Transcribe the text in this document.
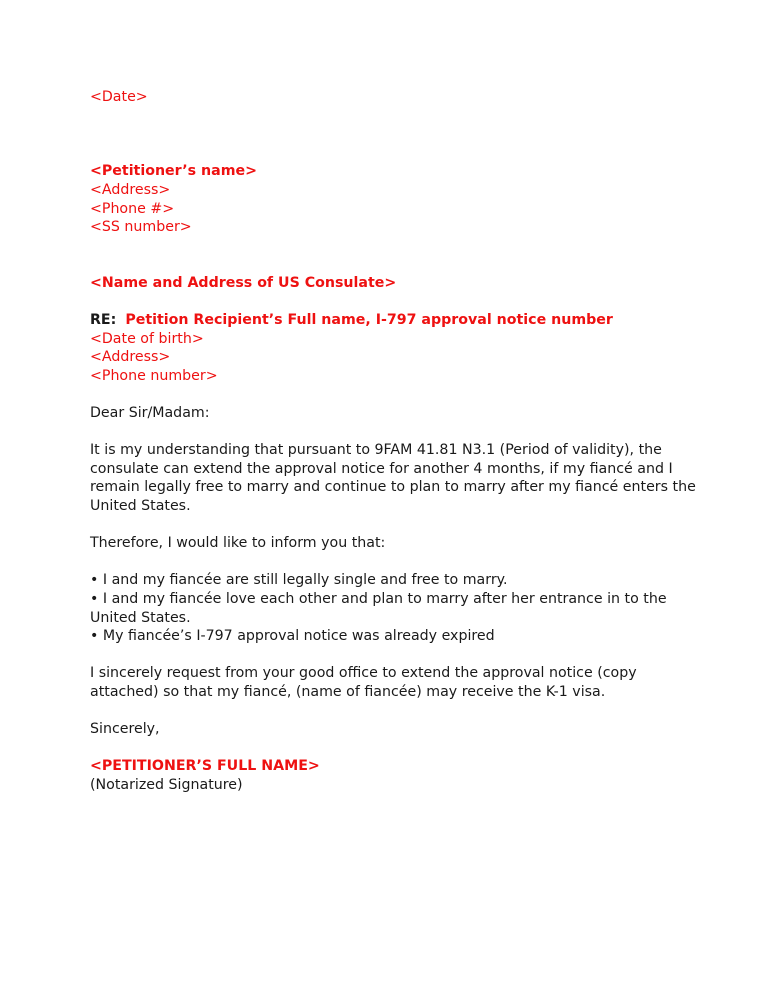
<Date>
<Petitioner’s name>
<Address>
<Phone #>
<SS number>
<Name and Address of US Consulate>
RE: Petition Recipient’s Full name, I-797 approval notice number
<Date of birth>
<Address>
<Phone number>
Dear Sir/Madam:
It is my understanding that pursuant to 9FAM 41.81 N3.1 (Period of validity), the
consulate can extend the approval notice for another 4 months, if my fiancé and I
remain legally free to marry and continue to plan to marry after my fiancé enters the
United States.
Therefore, I would like to inform you that:
• I and my fiancée are still legally single and free to marry.
• I and my fiancée love each other and plan to marry after her entrance in to the
United States.
• My fiancée’s I-797 approval notice was already expired
I sincerely request from your good office to extend the approval notice (copy
attached) so that my fiancé, (name of fiancée) may receive the K-1 visa.
Sincerely,
<PETITIONER’S FULL NAME>
(Notarized Signature)
